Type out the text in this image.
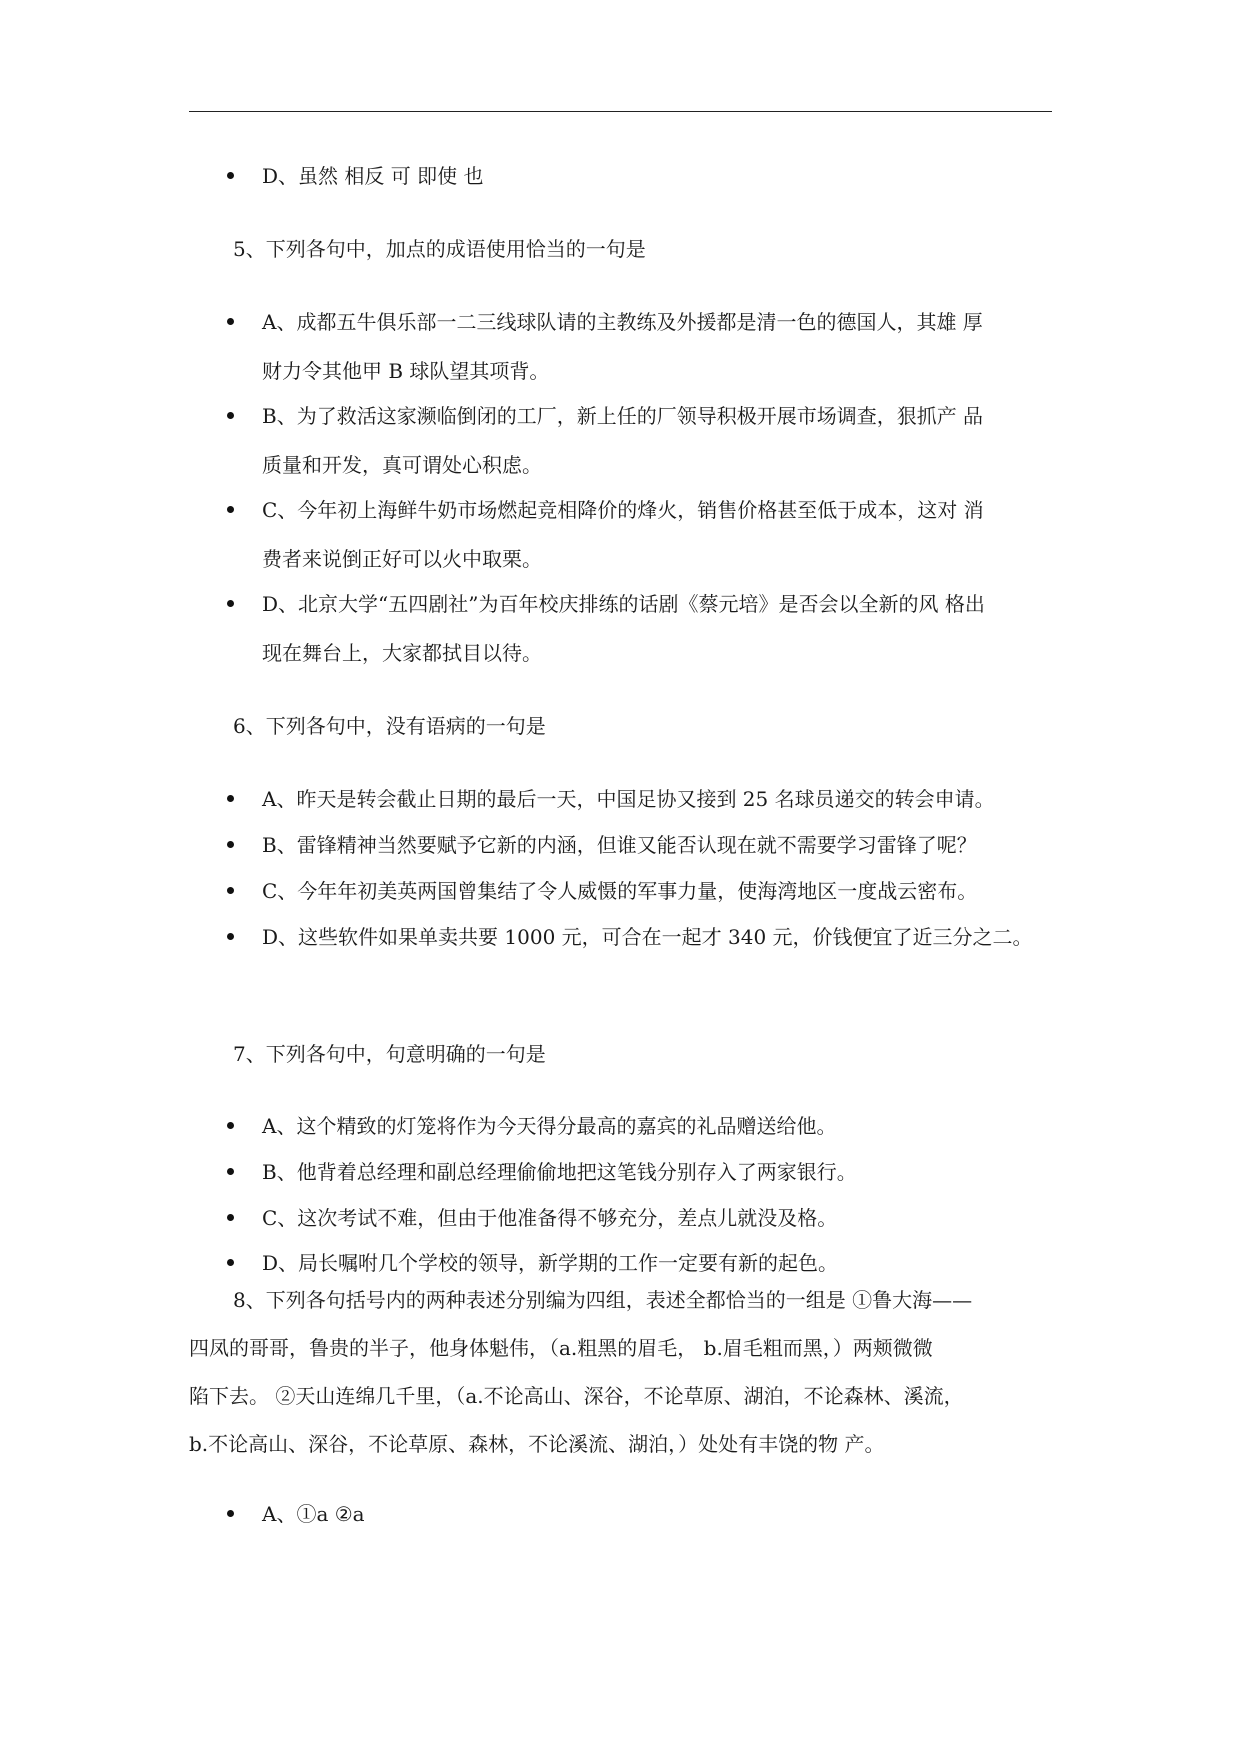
D、虽然 相反 可 即使 也
5、下列各句中，加点的成语使用恰当的一句是
A、成都五牛俱乐部一二三线球队请的主教练及外援都是清一色的德国人，其雄 厚
财力令其他甲 B 球队望其项背。
B、为了救活这家濒临倒闭的工厂，新上任的厂领导积极开展市场调查，狠抓产 品
质量和开发，真可谓处心积虑。
C、今年初上海鲜牛奶市场燃起竞相降价的烽火，销售价格甚至低于成本，这对 消
费者来说倒正好可以火中取栗。
D、北京大学“五四剧社”为百年校庆排练的话剧《蔡元培》是否会以全新的风 格出
现在舞台上，大家都拭目以待。
6、下列各句中，没有语病的一句是
A、昨天是转会截止日期的最后一天，中国足协又接到 25 名球员递交的转会申请。
B、雷锋精神当然要赋予它新的内涵，但谁又能否认现在就不需要学习雷锋了呢？
C、今年年初美英两国曾集结了令人威慑的军事力量，使海湾地区一度战云密布。
D、这些软件如果单卖共要 1000 元，可合在一起才 340 元，价钱便宜了近三分之二。
7、下列各句中，句意明确的一句是
A、这个精致的灯笼将作为今天得分最高的嘉宾的礼品赠送给他。
B、他背着总经理和副总经理偷偷地把这笔钱分别存入了两家银行。
C、这次考试不难，但由于他准备得不够充分，差点儿就没及格。
D、局长嘱咐几个学校的领导，新学期的工作一定要有新的起色。
8、下列各句括号内的两种表述分别编为四组，表述全都恰当的一组是 ①鲁大海——
四凤的哥哥，鲁贵的半子，他身体魁伟，（a.粗黑的眉毛， b.眉毛粗而黑，）两颊微微
陷下去。 ②天山连绵几千里，（a.不论高山、深谷，不论草原、湖泊，不论森林、溪流，
b.不论高山、深谷，不论草原、森林，不论溪流、湖泊，）处处有丰饶的物 产。
A、①a ②a
